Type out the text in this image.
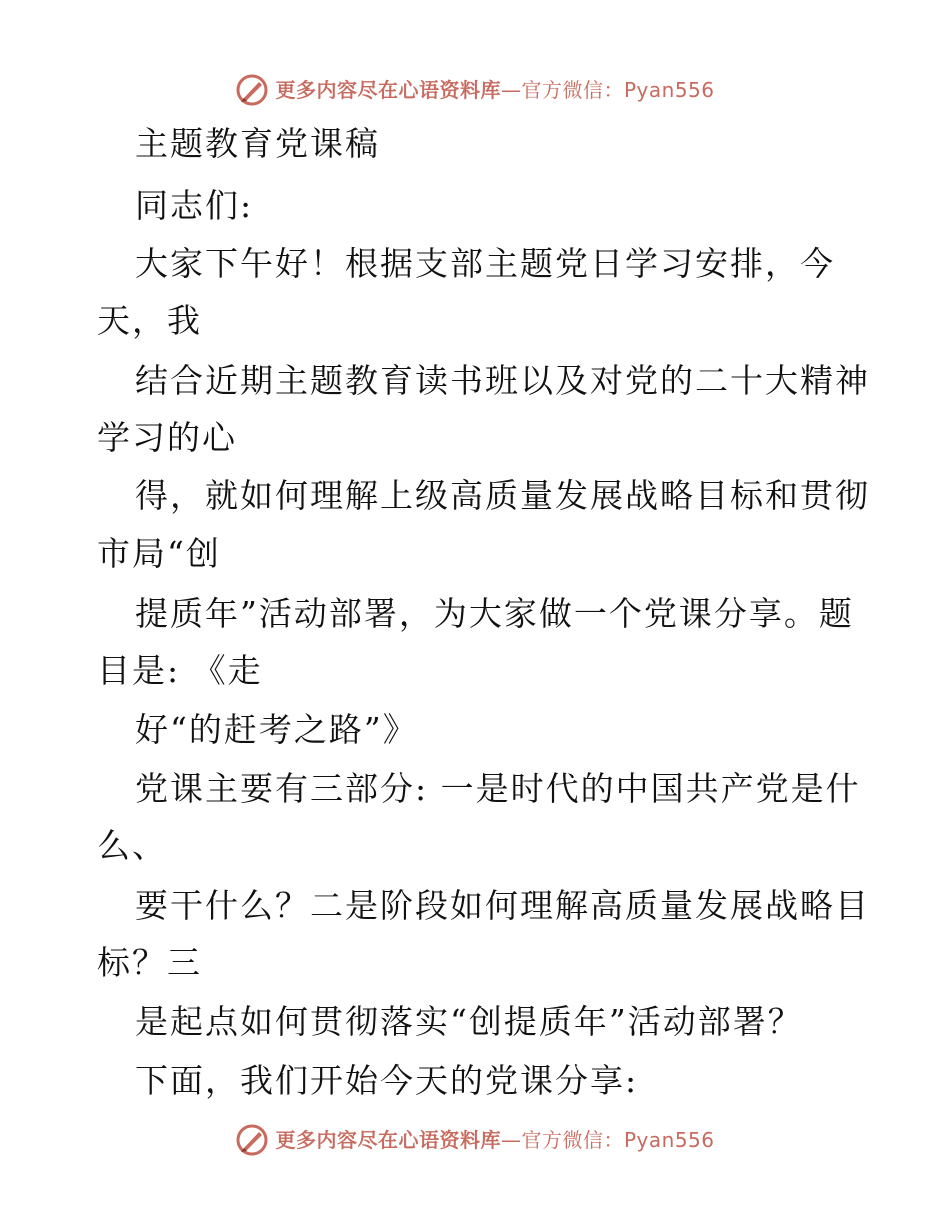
更多内容尽在心语资料库—官方微信：Pyan556
主题教育党课稿
同志们:
大家下午好！根据支部主题党日学习安排，今
天，我
结合近期主题教育读书班以及对党的二十大精神
学习的心
得，就如何理解上级高质量发展战略目标和贯彻
市局“创
提质年”活动部署，为大家做一个党课分享。题
目是: 《走
好“的赶考之路”》
党课主要有三部分: 一是时代的中国共产党是什
么、
要干什么？二是阶段如何理解高质量发展战略目
标？三
是起点如何贯彻落实“创提质年”活动部署？
下面，我们开始今天的党课分享:
更多内容尽在心语资料库—官方微信：Pyan556
